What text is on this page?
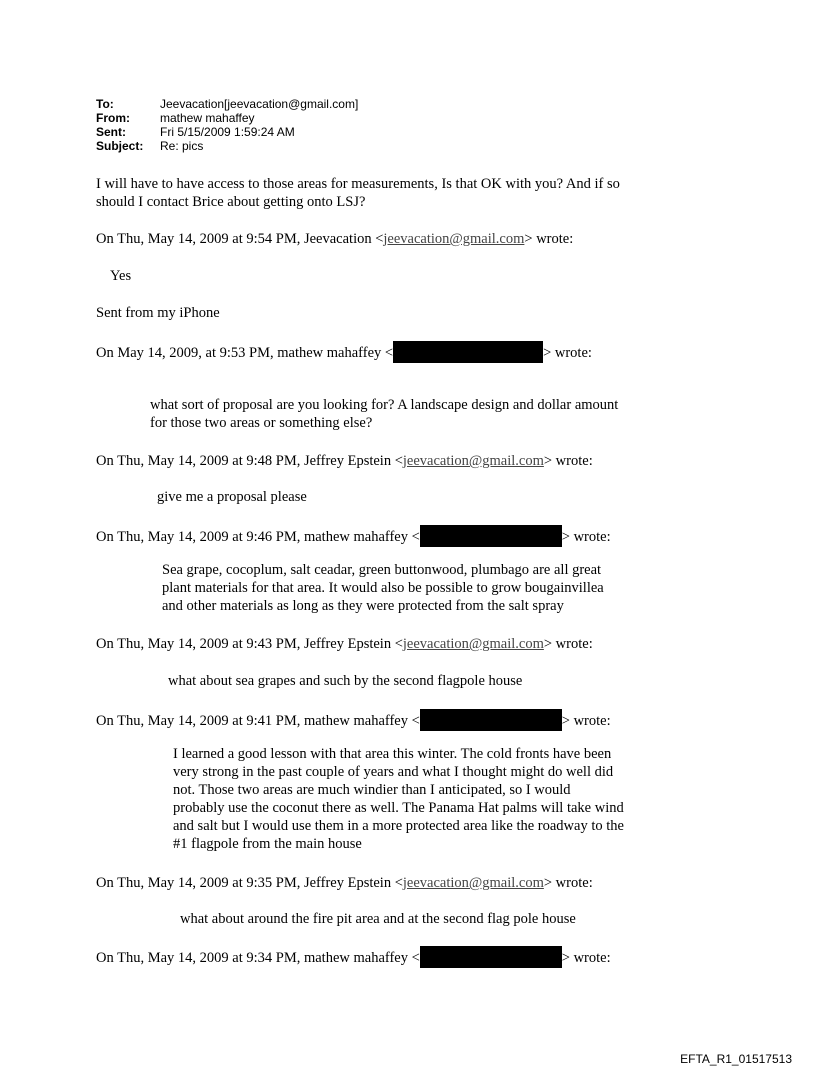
To:	Jeevacation[jeevacation@gmail.com]
From:	mathew mahaffey
Sent:	Fri 5/15/2009 1:59:24 AM
Subject: Re: pics
I will have to have access to those areas for measurements, Is that OK with you? And if so
should I contact Brice about getting onto LSJ?
On Thu, May 14, 2009 at 9:54 PM, Jeevacation <jeevacation@gmail.com> wrote:
Yes
Sent from my iPhone
On May 14, 2009, at 9:53 PM, mathew mahaffey <	> wrote:
what sort of proposal are you looking for? A landscape design and dollar amount
for those two areas or something else?
On Thu, May 14, 2009 at 9:48 PM, Jeffrey Epstein <jeevacation@gmail.com> wrote:
give me a proposal please
On Thu, May 14, 2009 at 9:46 PM, mathew mahaffey <	> wrote:
Sea grape, cocoplum, salt ceadar, green buttonwood, plumbago are all great
plant materials for that area. It would also be possible to grow bougainvillea
and other materials as long as they were protected from the salt spray
On Thu, May 14, 2009 at 9:43 PM, Jeffrey Epstein <jeevacation@gmail.com> wrote:
what about sea grapes and such by the second flagpole house
On Thu, May 14, 2009 at 9:41 PM, mathew mahaffey <	> wrote:
I learned a good lesson with that area this winter. The cold fronts have been
very strong in the past couple of years and what I thought might do well did
not. Those two areas are much windier than I anticipated, so I would
probably use the coconut there as well. The Panama Hat palms will take wind
and salt but I would use them in a more protected area like the roadway to the
#1 flagpole from the main house
On Thu, May 14, 2009 at 9:35 PM, Jeffrey Epstein <jeevacation@gmail.com> wrote:
what about around the fire pit area and at the second flag pole house
On Thu, May 14, 2009 at 9:34 PM, mathew mahaffey <	> wrote:
EFTA_R1_01517513
